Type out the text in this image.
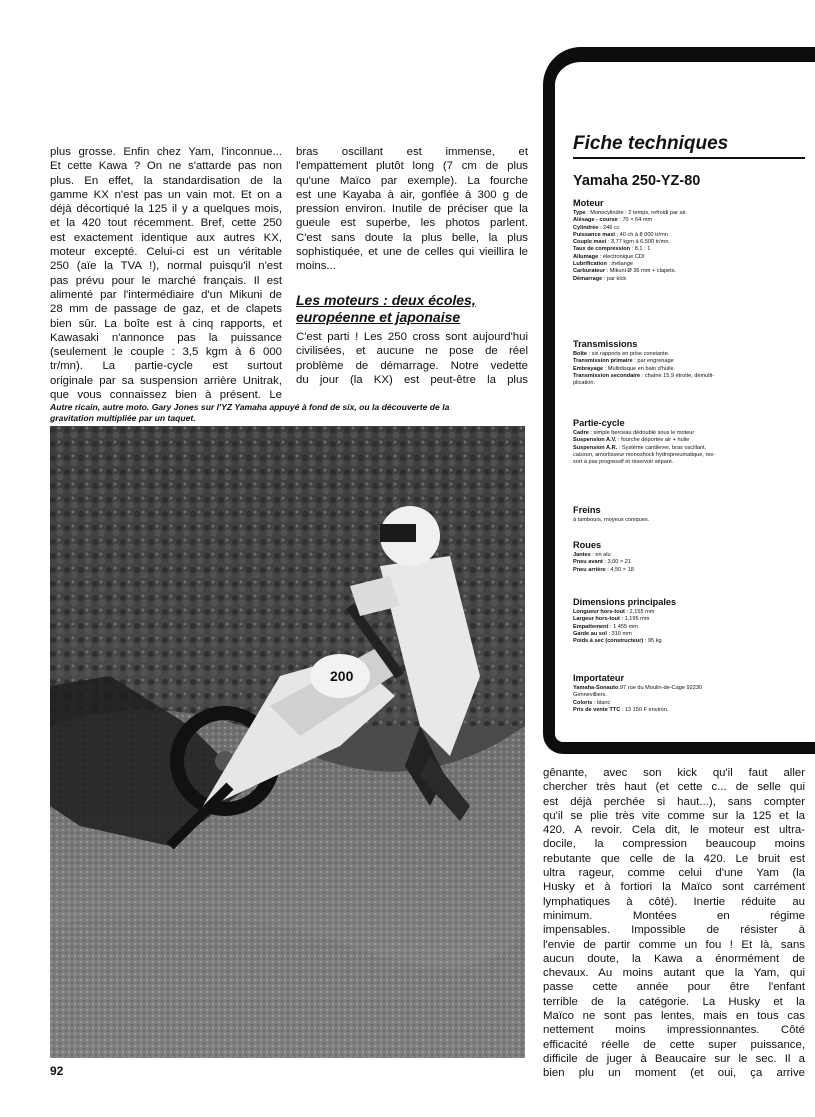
plus grosse. Enfin chez Yam, l'inconnue...

Et cette Kawa ? On ne s'attarde pas non

plus. En effet, la standardisation de la

gamme KX n'est pas un vain mot. Et on a

déjà décortiqué la 125 il y a quelques mois,

et la 420 tout récemment. Bref, cette 250

est exactement identique aux autres KX,

moteur excepté. Celui-ci est un véritable

250 (aïe la TVA !), normal puisqu'il n'est

pas prévu pour le marché français. Il est

alimenté par l'intermédiaire d'un Mikuni de

28 mm de passage de gaz, et de clapets

bien sûr. La boîte est à cinq rapports, et

Kawasaki n'annonce pas la puissance

(seulement le couple : 3,5 kgm à 6 000

tr/mn). La partie-cycle est surtout

originale par sa suspension arrière Unitrak,

que vous connaissez bien à présent. Le

bras oscillant est immense, et

l'empattement plutôt long (7 cm de plus

qu'une Maïco par exemple). La fourche

est une Kayaba à air, gonflée à 300 g de

pression environ. Inutile de préciser que la

gueule est superbe, les photos parlent.

C'est sans doute la plus belle, la plus

sophistiquée, et une de celles qui vieillira le

moins...

Les moteurs : deux écoles,

européenne et japonaise

C'est parti ! Les 250 cross sont aujourd'hui

civilisées, et aucune ne pose de réel

problème de démarrage. Notre vedette

du jour (la KX) est peut-être la plus

Autre rica​in, autre moto. Gary Jones sur l'YZ Yamaha appuyé à fond de six, ou la découverte de la
gravitation multipliée par un taquet.
200
Fiche techniques
Yamaha 250-YZ-80
Moteur
Type : Monocylindre : 2 temps, refroidi par air.
Alésage - course : 70 × 64 mm
Cylindrée : 246 cc
Puissance maxi : 40 ch à 8 000 tr/mn
Couple maxi : 3,77 kgm à 6,500 tr/mn.
Taux de compression : 8,1 : 1
Allumage : électronique CDI
Lubrification : mélange
Carburateur : Mikuni Ø 36 mm + clapets.
Démarrage : par kick
Transmissions
Boîte : six rapports en prise constante.
Transmission primaire : par engrenage
Embrayage : Multidisque en bain d'huile.
Transmission secondaire : chaîne 15,9 étroite, démulti-
plication.
Partie-cycle
Cadre : simple berceau dédoublé sous le moteur
Suspension A.V. : fourche déportée air + huile
Suspension A.R. : Système cantilever, bras oscillant,
caisson, amortisseur monoshock hydropneumatique, res-
sort à pas progressif et réservoir séparé.
Freins
à tambours, moyeux coniques.
Roues
Jantes : en alu
Pneu avant : 3,00 × 21
Pneu arrière : 4,50 × 18
Dimensions principales
Longueur hors-tout : 2,155 mm
Largeur hors-tout : 1,195 mm
Empattement : 1 455 mm
Garde au sol : 310 mm
Poids à sec (constructeur) : 95 kg
Importateur
Yamaha-Sonauto,97 rue du Moulin-de-Cage 92230
Gennevilliers.
Coloris : blanc
Prix de vente TTC : 13 150 F environ.

gênante, avec son kick qu'il faut aller

chercher très haut (et cette c... de selle qui

est déjà perchée si haut...), sans compter

qu'il se plie très vite comme sur la 125 et la

420. A revoir. Cela dit, le moteur est ultra-

docile, la compression beaucoup moins

rebutante que celle de la 420. Le bruit est

ultra rageur, comme celui d'une Yam (la

Husky et à fortiori la Maïco sont carrément

lymphatiques à côté). Inertie réduite au

minimum. Montées en régime

impensables. Impossible de résister à

l'envie de partir comme un fou ! Et là, sans

aucun doute, la Kawa a énormément de

chevaux. Au moins autant que la Yam, qui

passe cette année pour être l'enfant

terrible de la catégorie. La Husky et la

Maïco ne sont pas lentes, mais en tous cas

nettement moins impressionnantes. Côté

efficacité réelle de cette super puissance,

difficile de juger à Beaucaire sur le sec. Il a

bien plu un moment (et oui, ça arrive

92
